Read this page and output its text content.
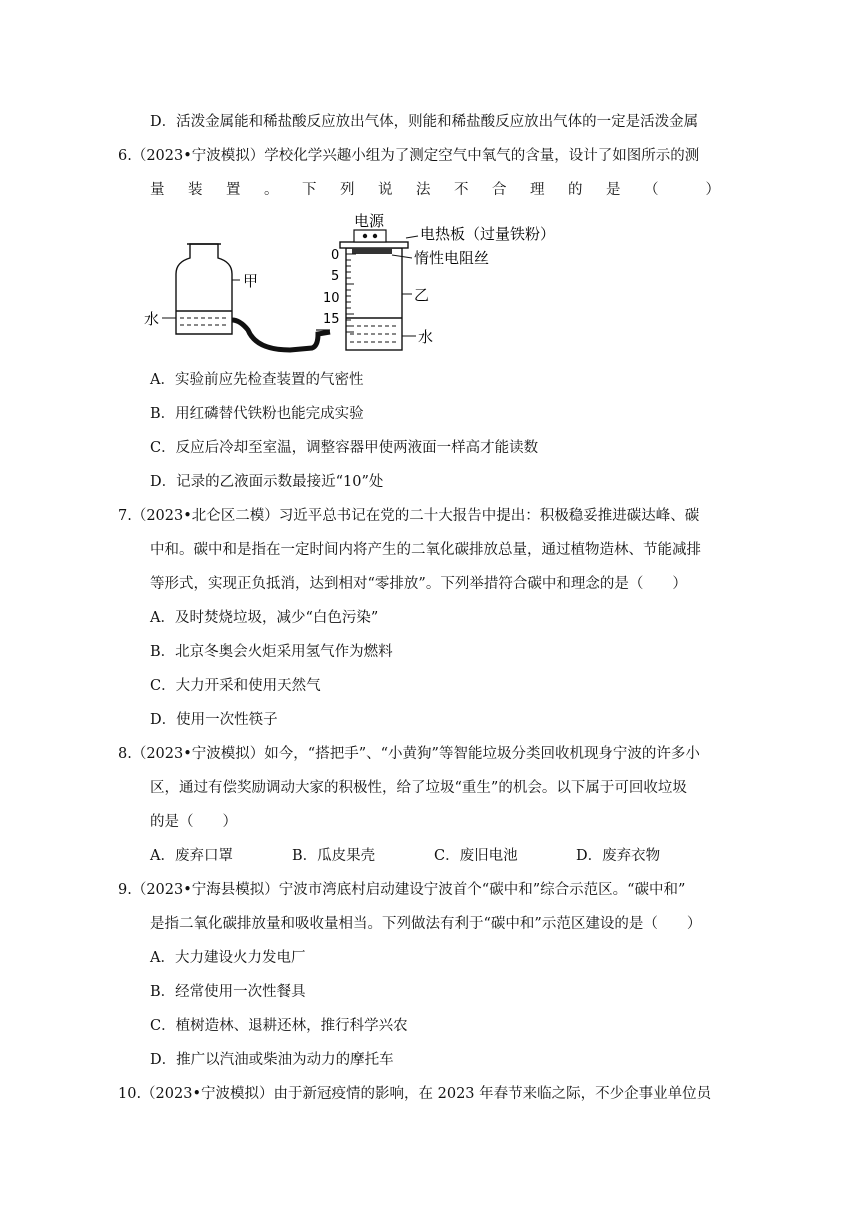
D．活泼金属能和稀盐酸反应放出气体，则能和稀盐酸反应放出气体的一定是活泼金属
6.（2023•宁波模拟）学校化学兴趣小组为了测定空气中氧气的含量，设计了如图所示的测
量 装 置 。 下 列 说 法 不 合 理 的 是 （	）
甲
水
电源
电热板（过量铁粉）
惰性电阻丝
0
5
10
15
乙
水
A．实验前应先检查装置的气密性
B．用红磷替代铁粉也能完成实验
C．反应后冷却至室温，调整容器甲使两液面一样高才能读数
D．记录的乙液面示数最接近“10”处
7.（2023•北仑区二模）习近平总书记在党的二十大报告中提出：积极稳妥推进碳达峰、碳
中和。碳中和是指在一定时间内将产生的二氧化碳排放总量，通过植物造林、节能减排
等形式，实现正负抵消，达到相对“零排放”。下列举措符合碳中和理念的是（　　）
A．及时焚烧垃圾，减少“白色污染”
B．北京冬奥会火炬采用氢气作为燃料
C．大力开采和使用天然气
D．使用一次性筷子
8.（2023•宁波模拟）如今，“搭把手”、“小黄狗”等智能垃圾分类回收机现身宁波的许多小
区，通过有偿奖励调动大家的积极性，给了垃圾“重生”的机会。以下属于可回收垃圾
的是（　　）
A．废弃口罩	B．瓜皮果壳	C．废旧电池	D．废弃衣物
9.（2023•宁海县模拟）宁波市湾底村启动建设宁波首个“碳中和”综合示范区。“碳中和”
是指二氧化碳排放量和吸收量相当。下列做法有利于“碳中和”示范区建设的是（　　）
A．大力建设火力发电厂
B．经常使用一次性餐具
C．植树造林、退耕还林，推行科学兴农
D．推广以汽油或柴油为动力的摩托车
10.（2023•宁波模拟）由于新冠疫情的影响，在 2023 年春节来临之际，不少企事业单位员
